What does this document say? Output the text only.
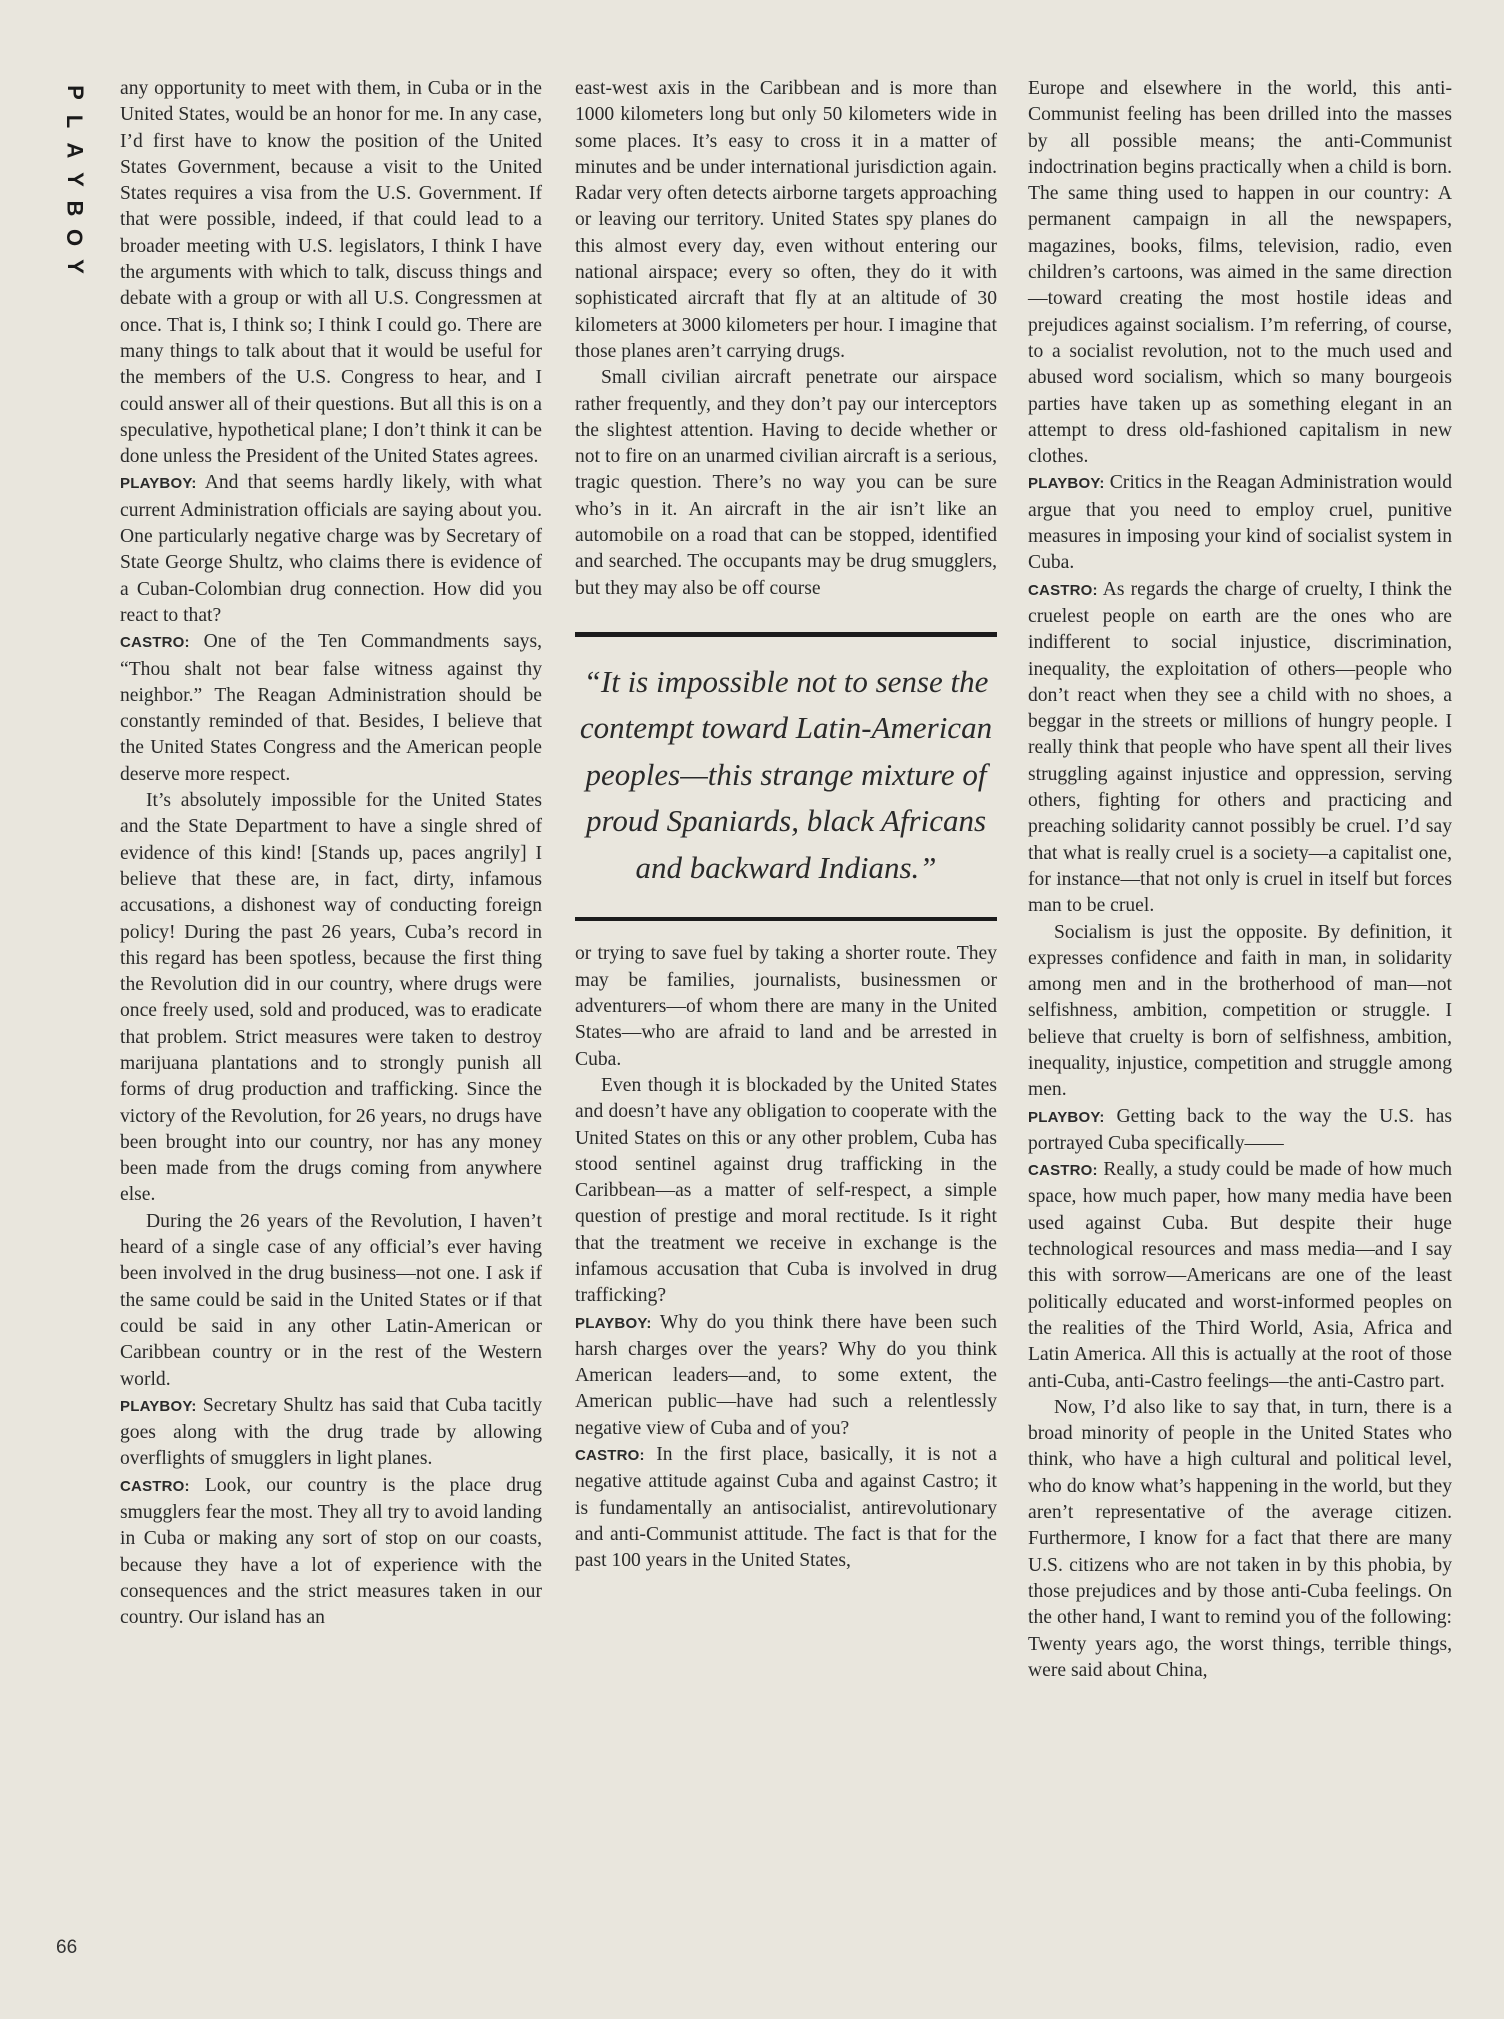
P
L
A
Y
B
O
Y
66

any opportunity to meet with them, in Cuba or in the United States, would be an honor for me. In any case, I’d first have to know the position of the United States Government, because a visit to the United States requires a visa from the U.S. Government. If that were possible, indeed, if that could lead to a broader meeting with U.S. legislators, I think I have the arguments with which to talk, discuss things and debate with a group or with all U.S. Congressmen at once. That is, I think so; I think I could go. There are many things to talk about that it would be useful for the members of the U.S. Congress to hear, and I could answer all of their questions. But all this is on a speculative, hypothetical plane; I don’t think it can be done unless the President of the United States agrees.

PLAYBOY: And that seems hardly likely, with what current Administration officials are saying about you. One particularly negative charge was by Secretary of State George Shultz, who claims there is evidence of a Cuban-Colombian drug connection. How did you react to that?

CASTRO: One of the Ten Commandments says, “Thou shalt not bear false witness against thy neighbor.” The Reagan Administration should be constantly reminded of that. Besides, I believe that the United States Congress and the American people deserve more respect.

It’s absolutely impossible for the United States and the State Department to have a single shred of evidence of this kind! [Stands up, paces angrily] I believe that these are, in fact, dirty, infamous accusations, a dishonest way of conducting foreign policy! During the past 26 years, Cuba’s record in this regard has been spotless, because the first thing the Revolution did in our country, where drugs were once freely used, sold and produced, was to eradicate that problem. Strict measures were taken to destroy marijuana plantations and to strongly punish all forms of drug production and trafficking. Since the victory of the Revolution, for 26 years, no drugs have been brought into our country, nor has any money been made from the drugs coming from anywhere else.

During the 26 years of the Revolution, I haven’t heard of a single case of any official’s ever having been involved in the drug business—not one. I ask if the same could be said in the United States or if that could be said in any other Latin-American or Caribbean country or in the rest of the Western world.

PLAYBOY: Secretary Shultz has said that Cuba tacitly goes along with the drug trade by allowing overflights of smugglers in light planes.

CASTRO: Look, our country is the place drug smugglers fear the most. They all try to avoid landing in Cuba or making any sort of stop on our coasts, because they have a lot of experience with the consequences and the strict measures taken in our country. Our island has an

east-west axis in the Caribbean and is more than 1000 kilometers long but only 50 kilometers wide in some places. It’s easy to cross it in a matter of minutes and be under international jurisdiction again. Radar very often detects airborne targets approaching or leaving our territory. United States spy planes do this almost every day, even without entering our national airspace; every so often, they do it with sophisticated aircraft that fly at an altitude of 30 kilometers at 3000 kilometers per hour. I imagine that those planes aren’t carrying drugs.

Small civilian aircraft penetrate our airspace rather frequently, and they don’t pay our interceptors the slightest attention. Having to decide whether or not to fire on an unarmed civilian aircraft is a serious, tragic question. There’s no way you can be sure who’s in it. An aircraft in the air isn’t like an automobile on a road that can be stopped, identified and searched. The occupants may be drug smugglers, but they may also be off course

“It is impossible not to sense the contempt toward Latin-American peoples—this strange mixture of proud Spaniards, black Africans and backward Indians.”

or trying to save fuel by taking a shorter route. They may be families, journalists, businessmen or adventurers—of whom there are many in the United States—who are afraid to land and be arrested in Cuba.

Even though it is blockaded by the United States and doesn’t have any obligation to cooperate with the United States on this or any other problem, Cuba has stood sentinel against drug trafficking in the Caribbean—as a matter of self-respect, a simple question of prestige and moral rectitude. Is it right that the treatment we receive in exchange is the infamous accusation that Cuba is involved in drug trafficking?

PLAYBOY: Why do you think there have been such harsh charges over the years? Why do you think American leaders—and, to some extent, the American public—have had such a relentlessly negative view of Cuba and of you?

CASTRO: In the first place, basically, it is not a negative attitude against Cuba and against Castro; it is fundamentally an antisocialist, antirevolutionary and anti-Communist attitude. The fact is that for the past 100 years in the United States,

Europe and elsewhere in the world, this anti-Communist feeling has been drilled into the masses by all possible means; the anti-Communist indoctrination begins practically when a child is born. The same thing used to happen in our country: A permanent campaign in all the newspapers, magazines, books, films, television, radio, even children’s cartoons, was aimed in the same direction—toward creating the most hostile ideas and prejudices against socialism. I’m referring, of course, to a socialist revolution, not to the much used and abused word socialism, which so many bourgeois parties have taken up as something elegant in an attempt to dress old-fashioned capitalism in new clothes.

PLAYBOY: Critics in the Reagan Administration would argue that you need to employ cruel, punitive measures in imposing your kind of socialist system in Cuba.

CASTRO: As regards the charge of cruelty, I think the cruelest people on earth are the ones who are indifferent to social injustice, discrimination, inequality, the exploitation of others—people who don’t react when they see a child with no shoes, a beggar in the streets or millions of hungry people. I really think that people who have spent all their lives struggling against injustice and oppression, serving others, fighting for others and practicing and preaching solidarity cannot possibly be cruel. I’d say that what is really cruel is a society—a capitalist one, for instance—that not only is cruel in itself but forces man to be cruel.

Socialism is just the opposite. By definition, it expresses confidence and faith in man, in solidarity among men and in the brotherhood of man—not selfishness, ambition, competition or struggle. I believe that cruelty is born of selfishness, ambition, inequality, injustice, competition and struggle among men.

PLAYBOY: Getting back to the way the U.S. has portrayed Cuba specifically——

CASTRO: Really, a study could be made of how much space, how much paper, how many media have been used against Cuba. But despite their huge technological resources and mass media—and I say this with sorrow—Americans are one of the least politically educated and worst-informed peoples on the realities of the Third World, Asia, Africa and Latin America. All this is actually at the root of those anti-Cuba, anti-Castro feelings—the anti-Castro part.

Now, I’d also like to say that, in turn, there is a broad minority of people in the United States who think, who have a high cultural and political level, who do know what’s happening in the world, but they aren’t representative of the average citizen. Furthermore, I know for a fact that there are many U.S. citizens who are not taken in by this phobia, by those prejudices and by those anti-Cuba feelings. On the other hand, I want to remind you of the following: Twenty years ago, the worst things, terrible things, were said about China,
